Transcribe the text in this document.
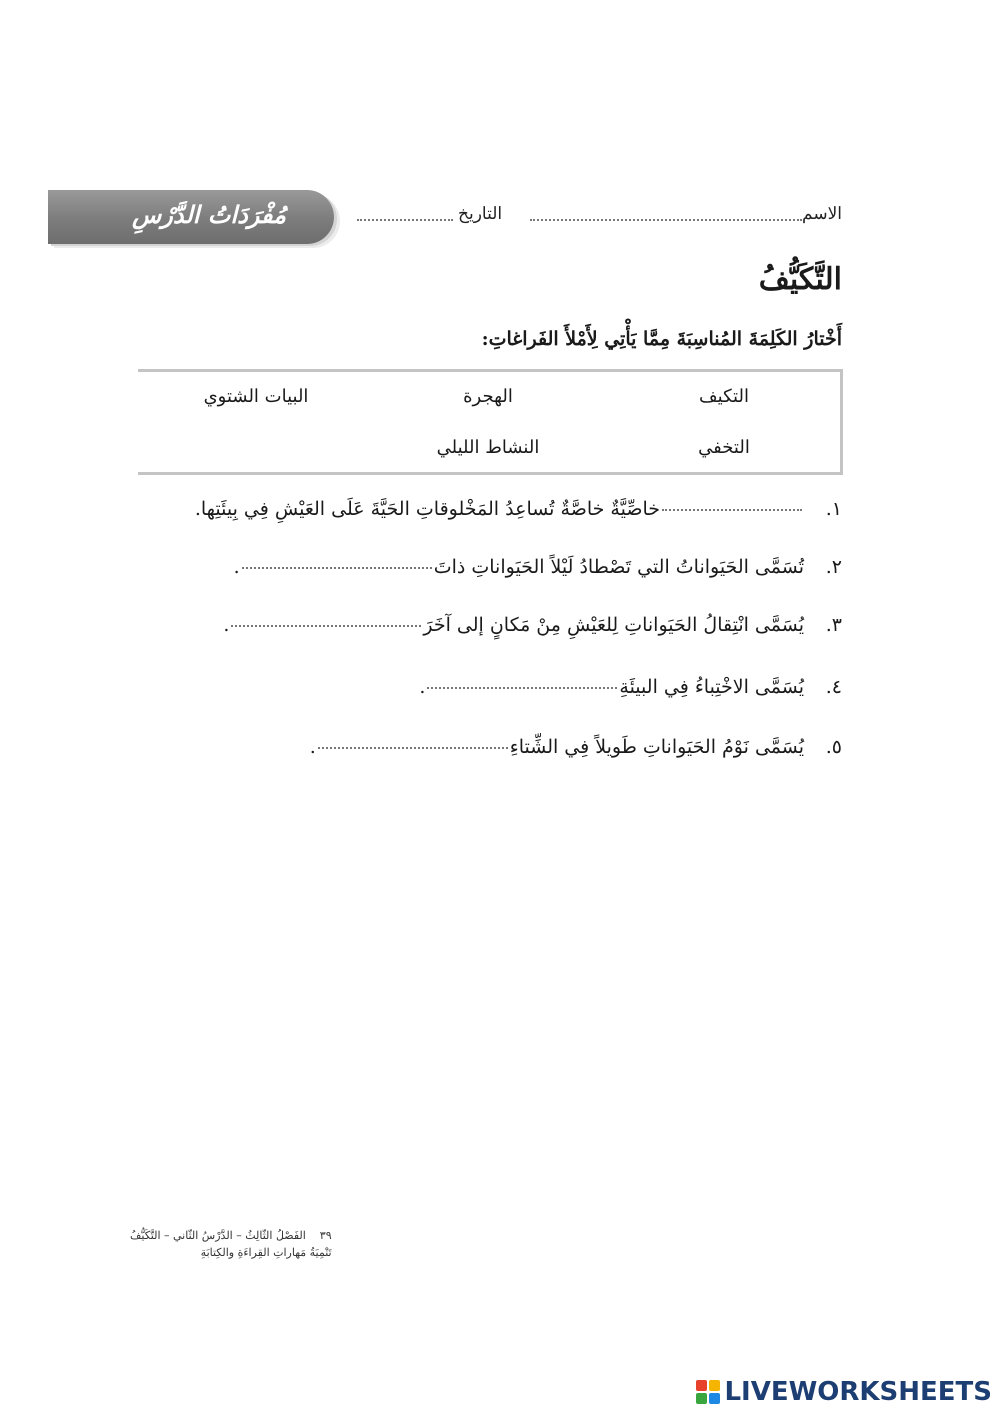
مُفْرَدَاتُ الدَّرْسِ	الاسم
التاريخ
التَّكَيُّفُ
أَخْتارُ الكَلِمَةَ المُناسِبَةَ مِمَّا يَأْتِي لِأَمْلأَ الفَراغاتِ:
التكيف
الهجرة
البيات الشتوي
التخفي
النشاط الليلي
١.
خاصِّيَّةٌ خاصَّةٌ تُساعِدُ المَخْلوقاتِ الحَيَّةَ عَلَى العَيْشِ فِي بِيئَتِها.
٢.
تُسَمَّى الحَيَواناتُ التي تَصْطادُ لَيْلاً الحَيَواناتِ ذاتَ.
٣.
يُسَمَّى انْتِقالُ الحَيَواناتِ لِلعَيْشِ مِنْ مَكانٍ إلى آخَرَ.
٤.
يُسَمَّى الاخْتِباءُ فِي البيئَةِ.
٥.
يُسَمَّى نَوْمُ الحَيَواناتِ طَويلاً فِي الشِّتاءِ.
٣٩
الفَصْلُ الثّالِثُ – الدَّرْسُ الثّاني – التَّكَيُّفُ
تَنْمِيَةُ مَهاراتِ القِراءَةِ والكِتابَةِ
LIVEWORKSHEETS
